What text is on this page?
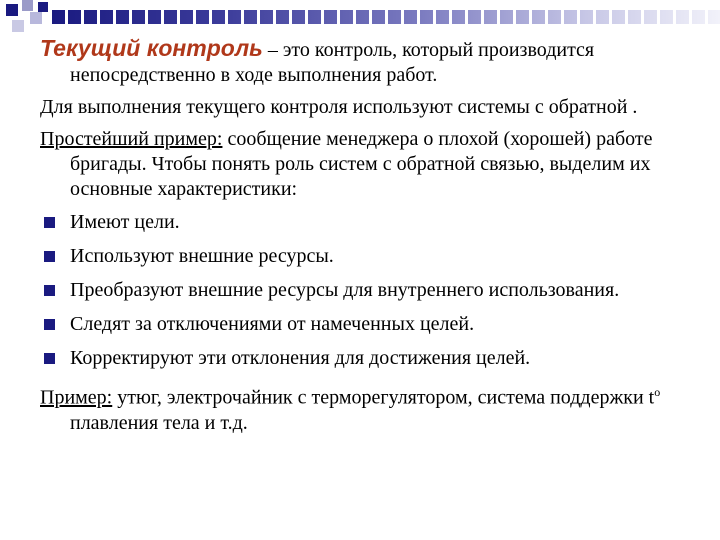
Текущий контроль – это контроль, который производится непосредственно в ходе выполнения работ.
Для выполнения текущего контроля используют системы с обратной .
Простейший пример: сообщение менеджера о плохой (хорошей) работе бригады. Чтобы понять роль систем с обратной связью, выделим их основные характеристики:
Имеют цели.
Используют внешние ресурсы.
Преобразуют внешние ресурсы для внутреннего использования.
Следят за отключениями от намеченных целей.
Корректируют эти отклонения для достижения целей.
Пример: утюг, электрочайник с терморегулятором, система поддержки $t^о$ плавления тела и т.д.
